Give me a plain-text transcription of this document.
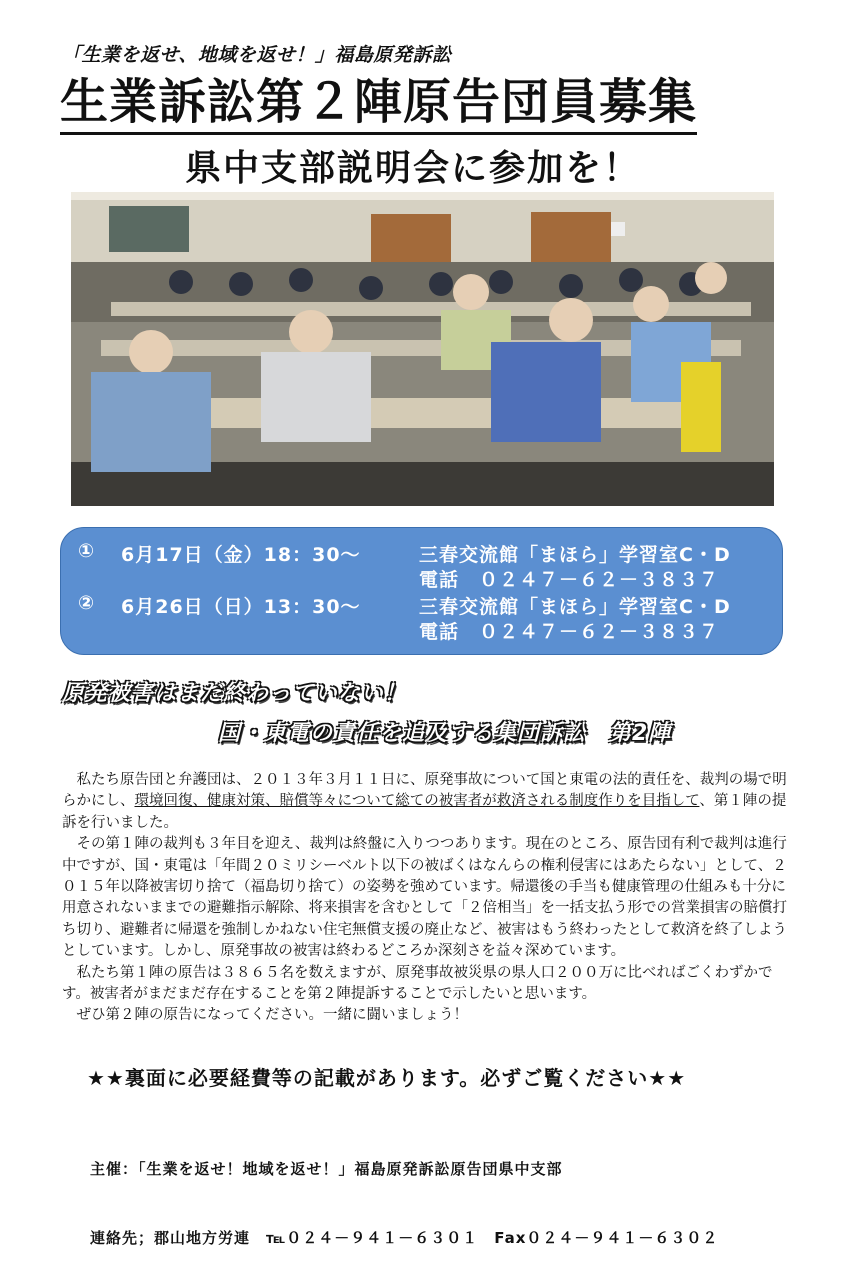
「生業を返せ、地域を返せ！」福島原発訴訟
生業訴訟第２陣原告団員募集
県中支部説明会に参加を！
① 6月17日（金）18：30～	三春交流館「まほら」学習室C・D
電話　０２４７－６２－３８３７
② 6月26日（日）13：30～	三春交流館「まほら」学習室C・D
電話　０２４７－６２－３８３７
原発被害はまだ終わっていない！
国・東電の責任を追及する集団訴訟　第2陣

私たち原告団と弁護団は、２０１３年３月１１日に、原発事故について国と東電の法的責任を、裁判の場で明らかにし、環境回復、健康対策、賠償等々について総ての被害者が救済される制度作りを目指して、第１陣の提訴を行いました。

その第１陣の裁判も３年目を迎え、裁判は終盤に入りつつあります。現在のところ、原告団有利で裁判は進行中ですが、国・東電は「年間２０ミリシーベルト以下の被ばくはなんらの権利侵害にはあたらない」として、２０１５年以降被害切り捨て（福島切り捨て）の姿勢を強めています。帰還後の手当も健康管理の仕組みも十分に用意されないままでの避難指示解除、将来損害を含むとして「２倍相当」を一括支払う形での営業損害の賠償打ち切り、避難者に帰還を強制しかねない住宅無償支援の廃止など、被害はもう終わったとして救済を終了しようとしています。しかし、原発事故の被害は終わるどころか深刻さを益々深めています。

私たち第１陣の原告は３８６５名を数えますが、原発事故被災県の県人口２００万に比べればごくわずかです。被害者がまだまだ存在することを第２陣提訴することで示したいと思います。

ぜひ第２陣の原告になってください。一緒に闘いましょう！

★★裏面に必要経費等の記載があります。必ずご覧ください★★

主催：「生業を返せ！地域を返せ！」福島原発訴訟原告団県中支部

連絡先；郡山地方労連　℡０２４－９４１－６３０１　Fax０２４－９４１－６３０２
